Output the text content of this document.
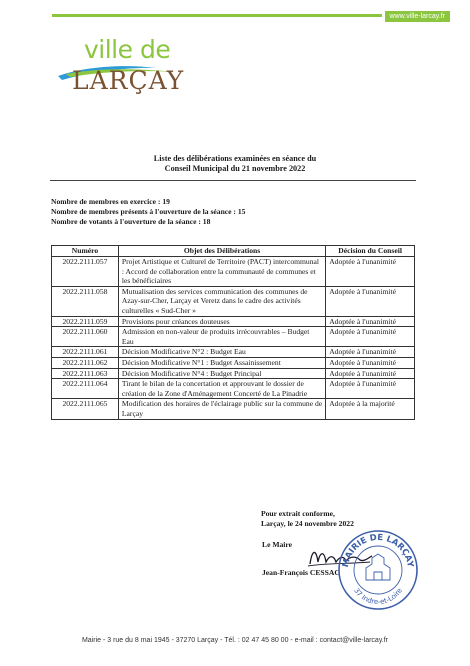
www.ville-larcay.fr
ville de
LARÇAY
Liste des délibérations examinées en séance du
Conseil Municipal du 21 novembre 2022
Nombre de membres en exercice : 19
Nombre de membres présents à l'ouverture de la séance : 15
Nombre de votants à l'ouverture de la séance : 18
Numéro	Objet des Délibérations	Décision du Conseil
2022.2111.057	Projet Artistique et Culturel de Territoire (PACT) intercommunal : Accord de collaboration entre la communauté de communes et les bénéficiaires	Adoptée à l'unanimité
2022.2111.058	Mutualisation des services communication des communes de Azay-sur-Cher, Larçay et Veretz dans le cadre des activités culturelles « Sud-Cher »	Adoptée à l'unanimité
2022.2111.059	Provisions pour créances douteuses	Adoptée à l'unanimité
2022.2111.060	Admission en non-valeur de produits irrécouvrables – Budget Eau	Adoptée à l'unanimité
2022.2111.061	Décision Modificative N°2 : Budget Eau	Adoptée à l'unanimité
2022.2111.062	Décision Modificative N°1 : Budget Assainissement	Adoptée à l'unanimité
2022.2111.063	Décision Modificative N°4 : Budget Principal	Adoptée à l'unanimité
2022.2111.064	Tirant le bilan de la concertation et approuvant le dossier de création de la Zone d'Aménagement Concerté de La Pinadrie	Adoptée à l'unanimité
2022.2111.065	Modification des horaires de l'éclairage public sur la commune de Larçay	Adoptée à la majorité
Pour extrait conforme,
Larçay, le 24 novembre 2022
Le Maire
Jean-François CESSAC
MAIRIE DE LARÇAY
37 Indre-et-Loire
Mairie - 3 rue du 8 mai 1945 - 37270 Larçay - Tél. : 02 47 45 80 00 - e-mail : contact@ville-larcay.fr
